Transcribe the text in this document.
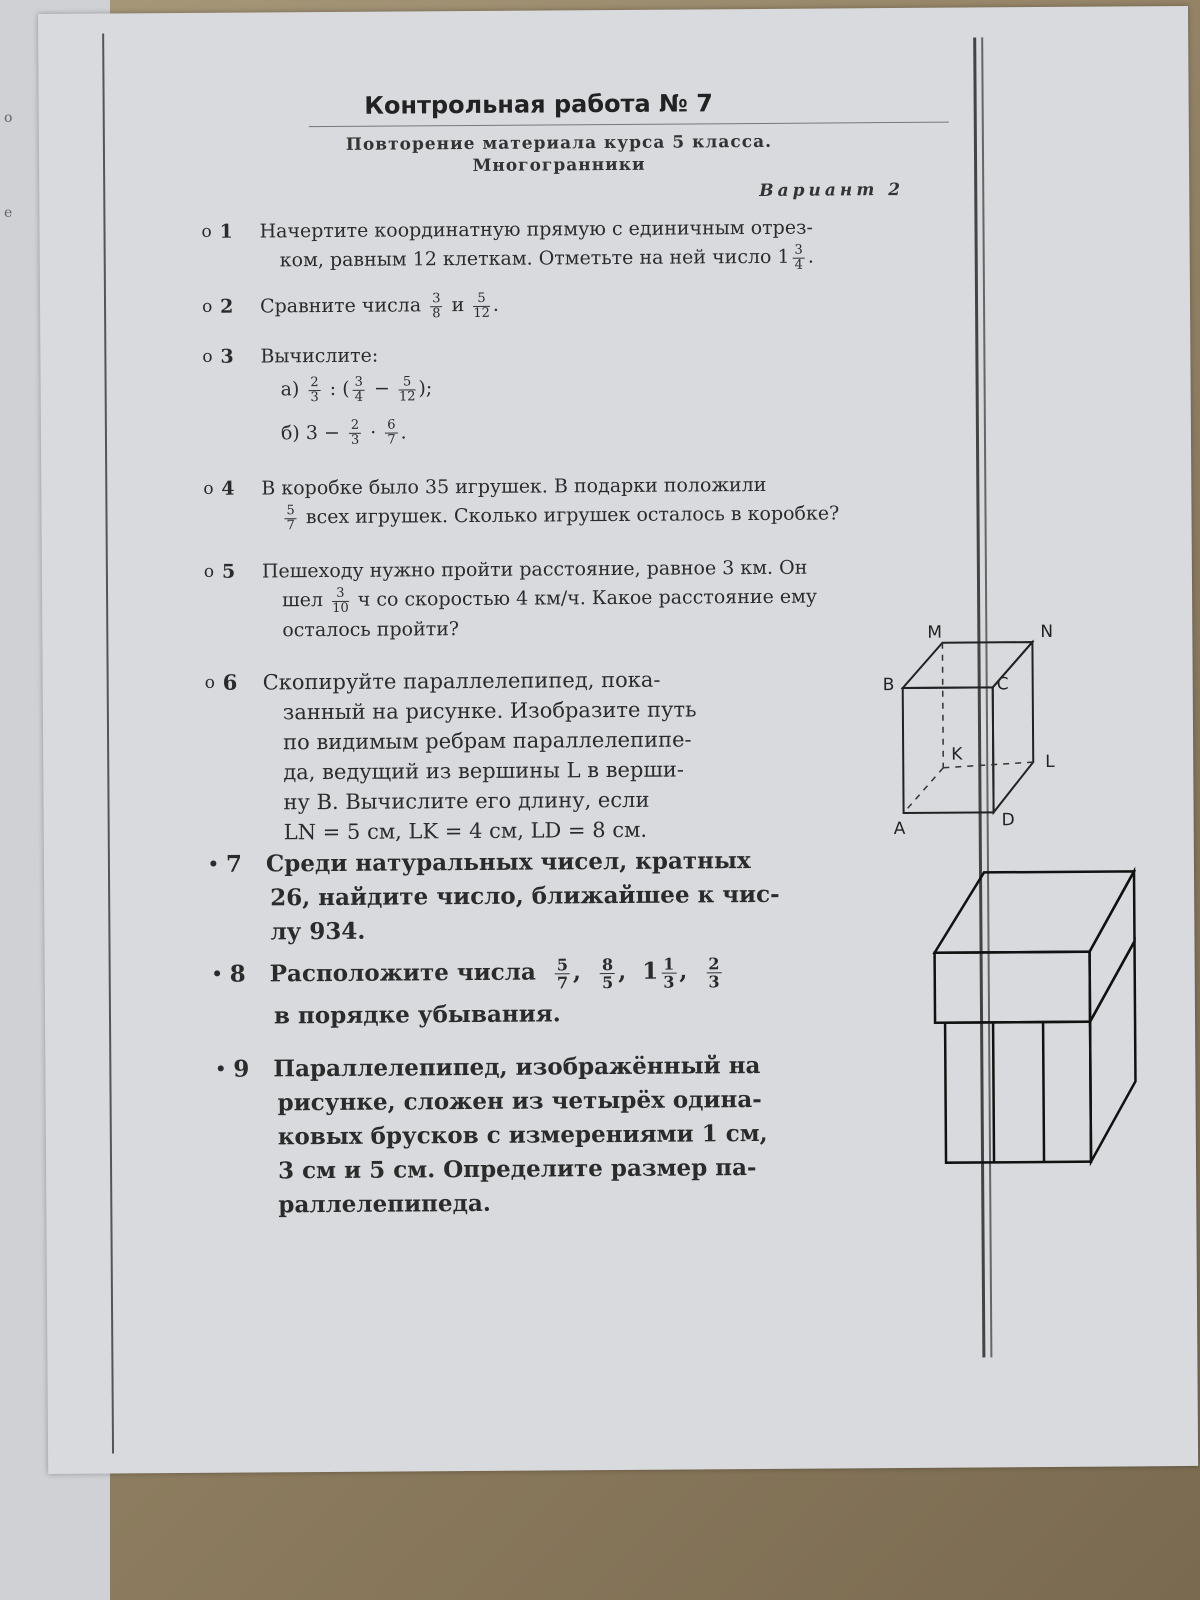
о
е
Контрольная работа № 7
Повторение материала курса 5 класса.
Многогранники
Вариант 2
o 1 Начертите координатную прямую с единичным отрез-
ком, равным 12 клеткам. Отметьте на ней число $1 \frac{3}{4}$ .
o 2 Сравните числа $\frac{3}{8}$ и $\frac{5}{12}$ .
o 3 Вычислите:
$а) \frac{2}{3}$ : ( $\frac{3}{4} - \frac{5}{12}$ );
б) $3 - \frac{2}{3} \cdot \frac{6}{7}$ .
o 4 В коробке было 35 игрушек. В подарки положили
$\frac{5}{7}$ всех игрушек. Сколько игрушек осталось в коробке?
o 5 Пешеходу нужно пройти расстояние, равное 3 км. Он
шел $\frac{3}{10}$ ч со скоростью 4 км/ч. Какое расстояние ему
осталось пройти?
o 6 Скопируйте параллелепипед, пока-
занный на рисунке. Изобразите путь
по видимым ребрам параллелепипе-
да, ведущий из вершины L в верши-
ну B. Вычислите его длину, если
LN = 5 см, LK = 4 см, LD = 8 см.
M	N
B	C
K	L
A	D
• 7 Среди натуральных чисел, кратных
26, найдите число, ближайшее к чис-
лу 934.
• 8 Расположите числа $\frac{5}{7}$ , $\frac{8}{5}$ ,  $1 \frac{1}{3}$ , $\frac{2}{3}$
в порядке убывания.
• 9 Параллелепипед, изображённый на
рисунке, сложен из четырёх одина-
ковых брусков с измерениями 1 см,
3 см и 5 см. Определите размер па-
раллелепипеда.
